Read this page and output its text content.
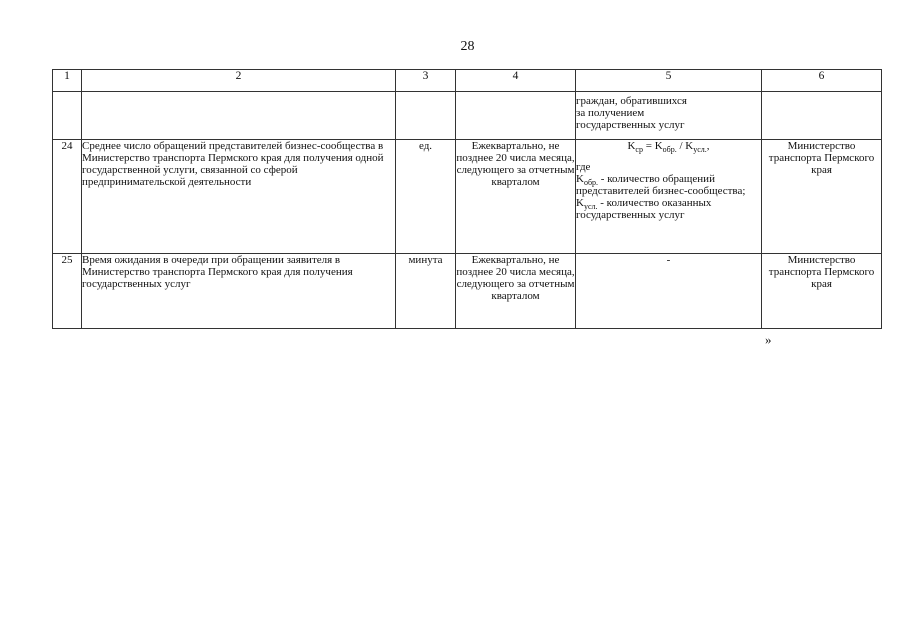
28
1	2	3	4	5	6

				граждан, обратившихся
за получением
государственных услуг	

24	Среднее число обращений представителей бизнес-сообщества в Министерство транспорта Пермского края для получения одной государственной услуги, связанной со сферой предпринимательской деятельности	ед.	Ежеквартально, не позднее 20 числа месяца, следующего за отчетным кварталом	$K_{ср} = K_{обр.} / K_{усл.}$,
где
$K_{обр.}$ - количество обращений представителей бизнес-сообщества;
$K_{усл.}$ - количество оказанных государственных услуг	Министерство транспорта Пермского края
25	Время ожидания в очереди при обращении заявителя в Министерство транспорта Пермского края для получения государственных услуг	минута	Ежеквартально, не позднее 20 числа месяца, следующего за отчетным кварталом	-	Министерство транспорта Пермского края
»
